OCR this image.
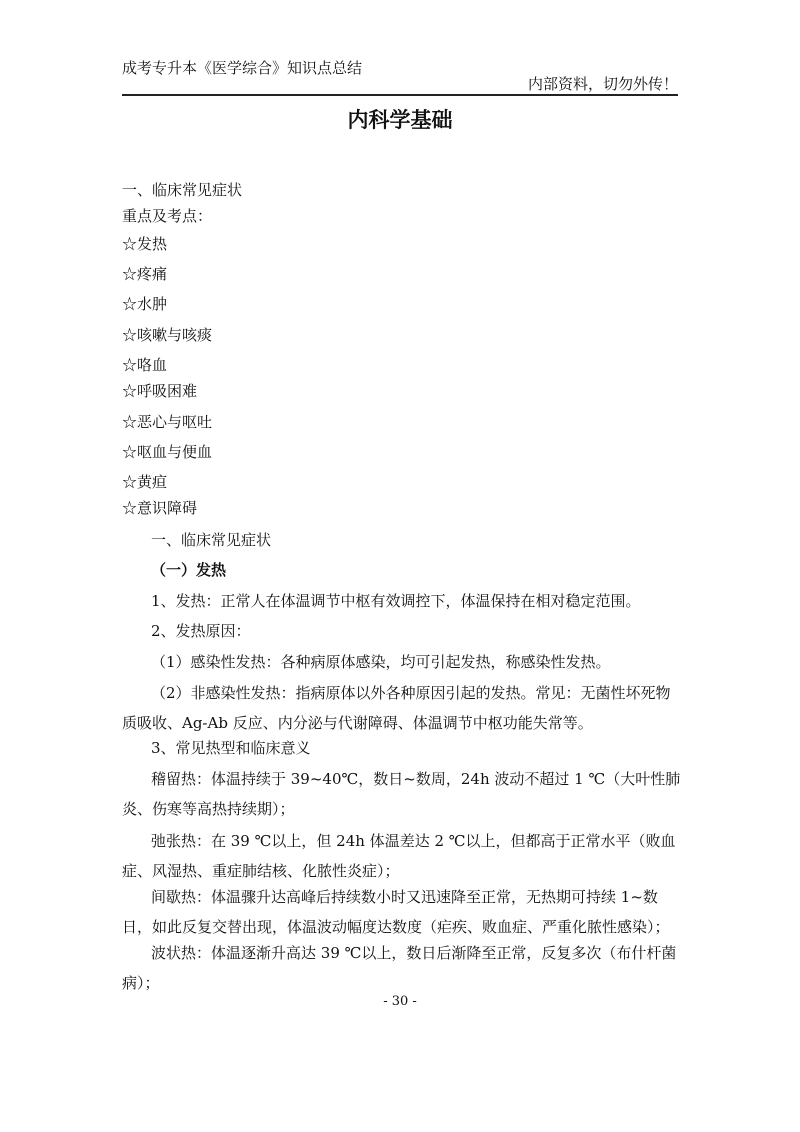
成考专升本《医学综合》知识点总结
内部资料，切勿外传！
内科学基础
一、临床常见症状
重点及考点：
☆发热
☆疼痛
☆水肿
☆咳嗽与咳痰
☆咯血
☆呼吸困难
☆恶心与呕吐
☆呕血与便血
☆黄疸
☆意识障碍
一、临床常见症状
（一）发热
1、发热：正常人在体温调节中枢有效调控下，体温保持在相对稳定范围。
2、发热原因：
（1）感染性发热：各种病原体感染，均可引起发热，称感染性发热。
（2）非感染性发热：指病原体以外各种原因引起的发热。常见：无菌性坏死物质吸收、Ag-Ab 反应、内分泌与代谢障碍、体温调节中枢功能失常等。
3、常见热型和临床意义
稽留热：体温持续于 39~40℃，数日~数周，24h 波动不超过 1 ℃（大叶性肺炎、伤寒等高热持续期）；
弛张热：在 39 ℃以上，但 24h 体温差达 2 ℃以上，但都高于正常水平（败血症、风湿热、重症肺结核、化脓性炎症）；
间歇热：体温骤升达高峰后持续数小时又迅速降至正常，无热期可持续 1~数日，如此反复交替出现，体温波动幅度达数度（疟疾、败血症、严重化脓性感染）；
波状热：体温逐渐升高达 39 ℃以上，数日后渐降至正常，反复多次（布什杆菌病）；
- 30 -
